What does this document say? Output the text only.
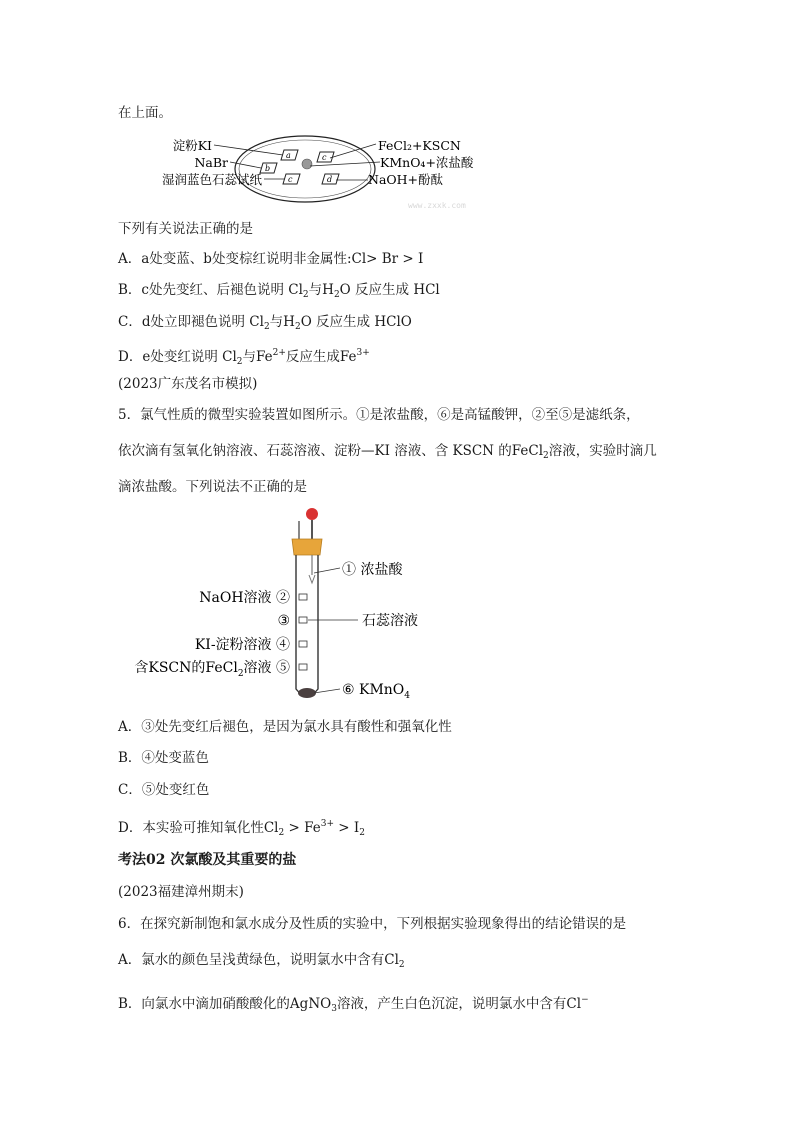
在上面。
a
b
c
c	d
淀粉KI
NaBr
湿润蓝色石蕊试纸
FeCl₂+KSCN
KMnO₄+浓盐酸
NaOH+酚酞
www.zxxk.com
下列有关说法正确的是
A．a处变蓝、b处变棕红说明非金属性:Cl> Br > I
B．c处先变红、后褪色说明 $Cl_2$与$H_2O$ 反应生成 HCl
C．d处立即褪色说明 $Cl_2$与$H_2O$ 反应生成 HClO
D．e处变红说明 $Cl_2$与$Fe^{2+}$反应生成$Fe^{3+}$
(2023广东茂名市模拟)
5．氯气性质的微型实验装置如图所示。①是浓盐酸，⑥是高锰酸钾，②至⑤是滤纸条，
依次滴有氢氧化钠溶液、石蕊溶液、淀粉—KI 溶液、含 KSCN 的FeCl$_2$溶液，实验时滴几
滴浓盐酸。下列说法不正确的是
① 浓盐酸
NaOH溶液 ②
③	石蕊溶液
KI-淀粉溶液 ④
含KSCN的FeCl$_2$溶液 ⑤
⑥ KMnO$_4$
A．③处先变红后褪色，是因为氯水具有酸性和强氧化性
B．④处变蓝色
C．⑤处变红色
D．本实验可推知氧化性$Cl_2 > Fe^{3+} > I_2$
考法02 次氯酸及其重要的盐
(2023福建漳州期末)
6．在探究新制饱和氯水成分及性质的实验中，下列根据实验现象得出的结论错误的是
A．氯水的颜色呈浅黄绿色，说明氯水中含有$Cl_2$
B．向氯水中滴加硝酸酸化的AgNO$_3$溶液，产生白色沉淀，说明氯水中含有Cl−
